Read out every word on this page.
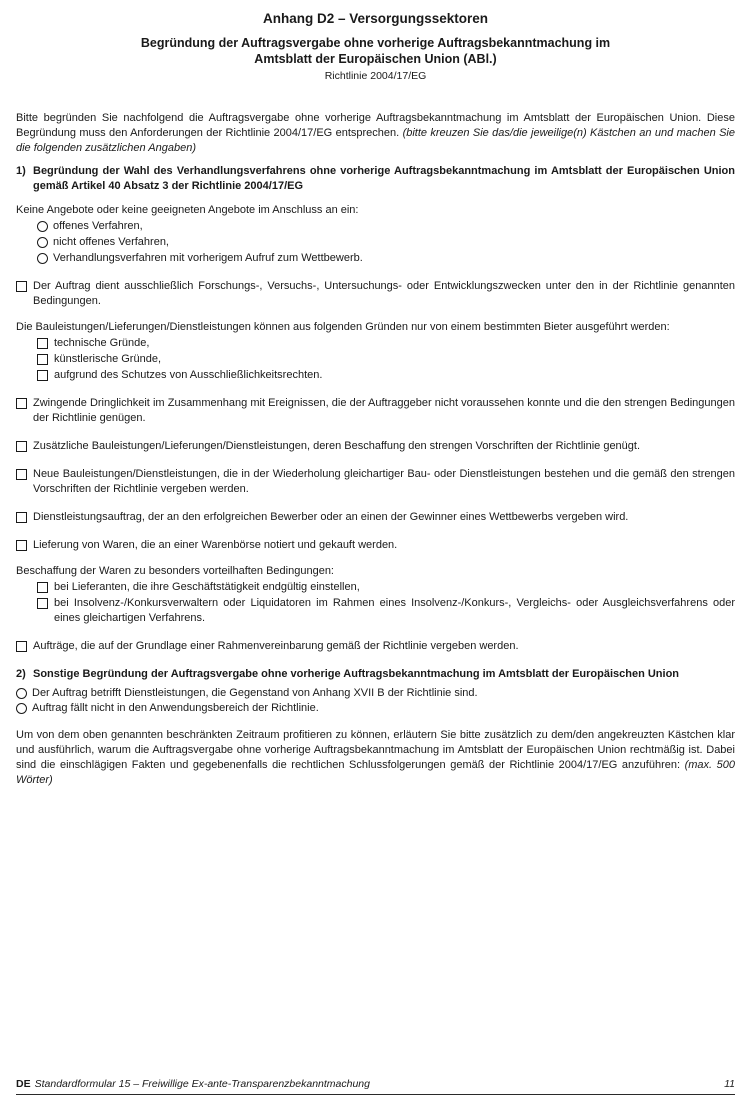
Anhang D2 – Versorgungssektoren
Begründung der Auftragsvergabe ohne vorherige Auftragsbekanntmachung im
Amtsblatt der Europäischen Union (ABl.)
Richtlinie 2004/17/EG

Bitte begründen Sie nachfolgend die Auftragsvergabe ohne vorherige Auftragsbekanntmachung im Amtsblatt der Europäischen Union. Diese Begründung muss den Anforderungen der Richtlinie 2004/17/EG entsprechen. (bitte kreuzen Sie das/die jeweilige(n) Kästchen an und machen Sie die folgenden zusätzlichen Angaben)

1) Begründung der Wahl des Verhandlungsverfahrens ohne vorherige Auftragsbekanntmachung im Amtsblatt der Europäischen Union gemäß Artikel 40 Absatz 3 der Richtlinie 2004/17/EG

Keine Angebote oder keine geeigneten Angebote im Anschluss an ein:

offenes Verfahren,
nicht offenes Verfahren,
Verhandlungsverfahren mit vorherigem Aufruf zum Wettbewerb.
Der Auftrag dient ausschließlich Forschungs-, Versuchs-, Untersuchungs- oder Entwicklungszwecken unter den in der Richtlinie genannten Bedingungen.

Die Bauleistungen/Lieferungen/Dienstleistungen können aus folgenden Gründen nur von einem bestimmten Bieter ausgeführt werden:

technische Gründe,
künstlerische Gründe,
aufgrund des Schutzes von Ausschließlichkeitsrechten.
Zwingende Dringlichkeit im Zusammenhang mit Ereignissen, die der Auftraggeber nicht voraussehen konnte und die den strengen Bedingungen der Richtlinie genügen.
Zusätzliche Bauleistungen/Lieferungen/Dienstleistungen, deren Beschaffung den strengen Vorschriften der Richtlinie genügt.
Neue Bauleistungen/Dienstleistungen, die in der Wiederholung gleichartiger Bau- oder Dienstleistungen bestehen und die gemäß den strengen Vorschriften der Richtlinie vergeben werden.
Dienstleistungsauftrag, der an den erfolgreichen Bewerber oder an einen der Gewinner eines Wettbewerbs vergeben wird.
Lieferung von Waren, die an einer Warenbörse notiert und gekauft werden.

Beschaffung der Waren zu besonders vorteilhaften Bedingungen:

bei Lieferanten, die ihre Geschäftstätigkeit endgültig einstellen,
bei Insolvenz-/Konkursverwaltern oder Liquidatoren im Rahmen eines Insolvenz-/Konkurs-, Vergleichs- oder Ausgleichsverfahrens oder eines gleichartigen Verfahrens.
Aufträge, die auf der Grundlage einer Rahmenvereinbarung gemäß der Richtlinie vergeben werden.
2) Sonstige Begründung der Auftragsvergabe ohne vorherige Auftragsbekanntmachung im Amtsblatt der Europäischen Union
Der Auftrag betrifft Dienstleistungen, die Gegenstand von Anhang XVII B der Richtlinie sind.
Auftrag fällt nicht in den Anwendungsbereich der Richtlinie.

Um von dem oben genannten beschränkten Zeitraum profitieren zu können, erläutern Sie bitte zusätzlich zu dem/den angekreuzten Kästchen klar und ausführlich, warum die Auftragsvergabe ohne vorherige Auftragsbekanntmachung im Amtsblatt der Europäischen Union rechtmäßig ist. Dabei sind die einschlägigen Fakten und gegebenenfalls die rechtlichen Schlussfolgerungen gemäß der Richtlinie 2004/17/EG anzuführen: (max. 500 Wörter)

DE Standardformular 15 – Freiwillige Ex-ante-Transparenzbekanntmachung	11
